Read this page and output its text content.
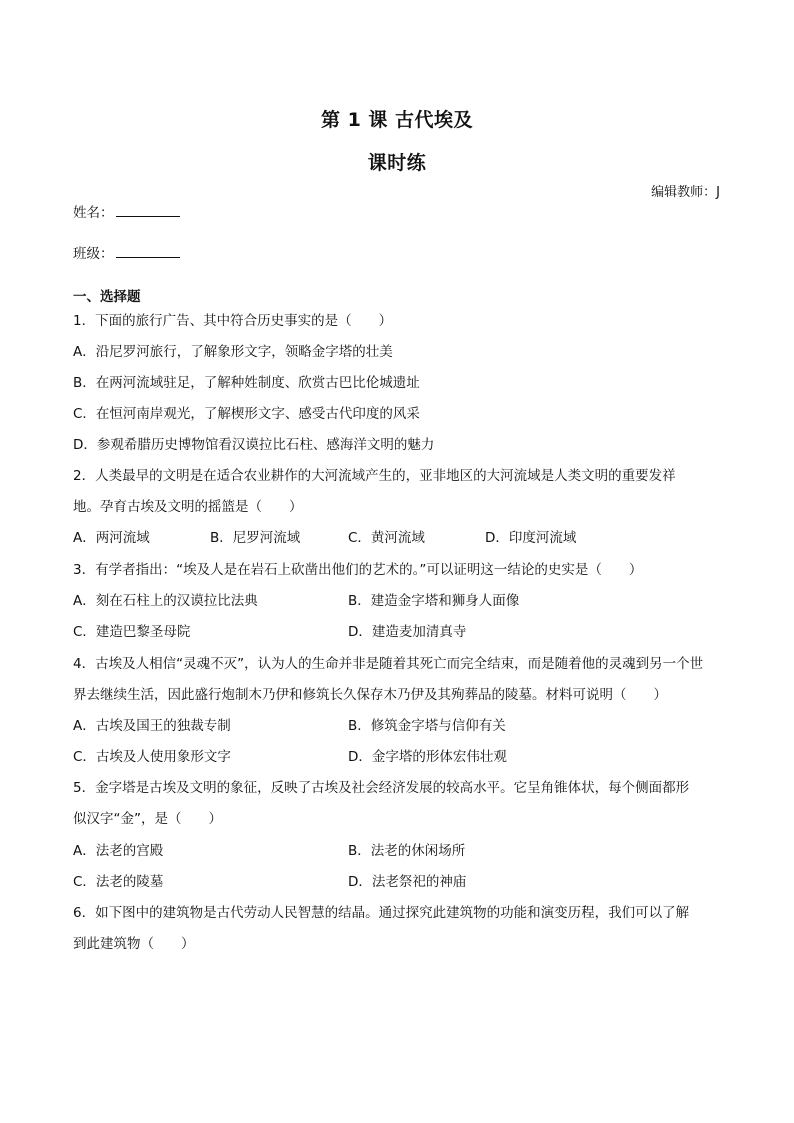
第 1 课 古代埃及
课时练
编辑教师：J
姓名：
班级：
一、选择题
1．下面的旅行广告、其中符合历史事实的是（　　）
A．沿尼罗河旅行，了解象形文字，领略金字塔的壮美
B．在两河流域驻足，了解种姓制度、欣赏古巴比伦城遗址
C．在恒河南岸观光，了解楔形文字、感受古代印度的风采
D．参观希腊历史博物馆看汉谟拉比石柱、感海洋文明的魅力
2．人类最早的文明是在适合农业耕作的大河流域产生的，亚非地区的大河流域是人类文明的重要发祥
地。孕育古埃及文明的摇篮是（　　）
A．两河流域	B．尼罗河流域	C．黄河流域	D．印度河流域
3．有学者指出：“埃及人是在岩石上砍凿出他们的艺术的。”可以证明这一结论的史实是（　　）
A．刻在石柱上的汉谟拉比法典	B．建造金字塔和狮身人面像
C．建造巴黎圣母院	D．建造麦加清真寺
4．古埃及人相信“灵魂不灭”，认为人的生命并非是随着其死亡而完全结束，而是随着他的灵魂到另一个世
界去继续生活，因此盛行炮制木乃伊和修筑长久保存木乃伊及其殉葬品的陵墓。材料可说明（　　）
A．古埃及国王的独裁专制	B．修筑金字塔与信仰有关
C．古埃及人使用象形文字	D．金字塔的形体宏伟壮观
5．金字塔是古埃及文明的象征，反映了古埃及社会经济发展的较高水平。它呈角锥体状，每个侧面都形
似汉字“金”，是（　　）
A．法老的宫殿	B．法老的休闲场所
C．法老的陵墓	D．法老祭祀的神庙
6．如下图中的建筑物是古代劳动人民智慧的结晶。通过探究此建筑物的功能和演变历程，我们可以了解
到此建筑物（　　）
